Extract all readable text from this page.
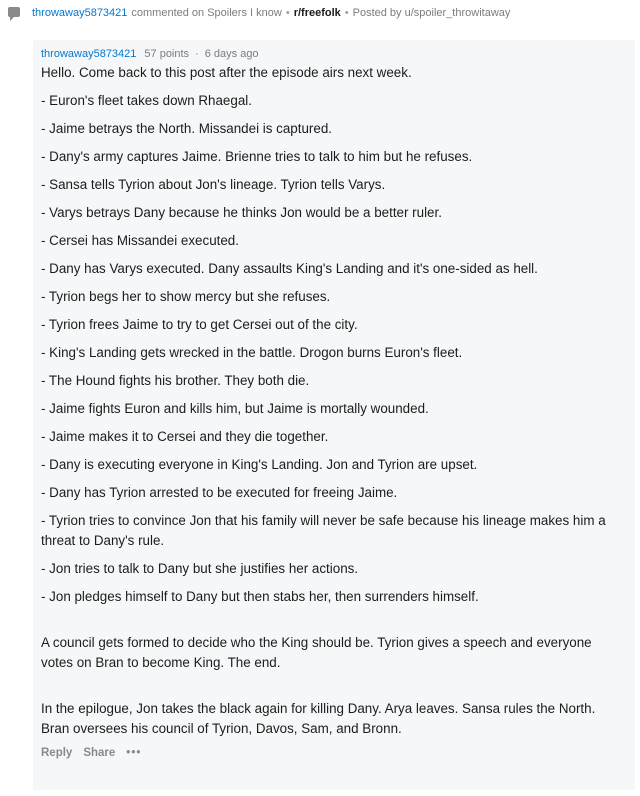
throwaway5873421 commented on Spoilers I know • r/freefolk • Posted by u/spoiler_throwitaway
throwaway5873421 57 points · 6 days ago

Hello. Come back to this post after the episode airs next week.

- Euron's fleet takes down Rhaegal.

- Jaime betrays the North. Missandei is captured.

- Dany's army captures Jaime. Brienne tries to talk to him but he refuses.

- Sansa tells Tyrion about Jon's lineage. Tyrion tells Varys.

- Varys betrays Dany because he thinks Jon would be a better ruler.

- Cersei has Missandei executed.

- Dany has Varys executed. Dany assaults King's Landing and it's one-sided as hell.

- Tyrion begs her to show mercy but she refuses.

- Tyrion frees Jaime to try to get Cersei out of the city.

- King's Landing gets wrecked in the battle. Drogon burns Euron's fleet.

- The Hound fights his brother. They both die.

- Jaime fights Euron and kills him, but Jaime is mortally wounded.

- Jaime makes it to Cersei and they die together.

- Dany is executing everyone in King's Landing. Jon and Tyrion are upset.

- Dany has Tyrion arrested to be executed for freeing Jaime.

- Tyrion tries to convince Jon that his family will never be safe because his lineage makes him a threat to Dany's rule.

- Jon tries to talk to Dany but she justifies her actions.

- Jon pledges himself to Dany but then stabs her, then surrenders himself.

A council gets formed to decide who the King should be. Tyrion gives a speech and everyone votes on Bran to become King. The end.

In the epilogue, Jon takes the black again for killing Dany. Arya leaves. Sansa rules the North. Bran oversees his council of Tyrion, Davos, Sam, and Bronn.

Reply Share •••
